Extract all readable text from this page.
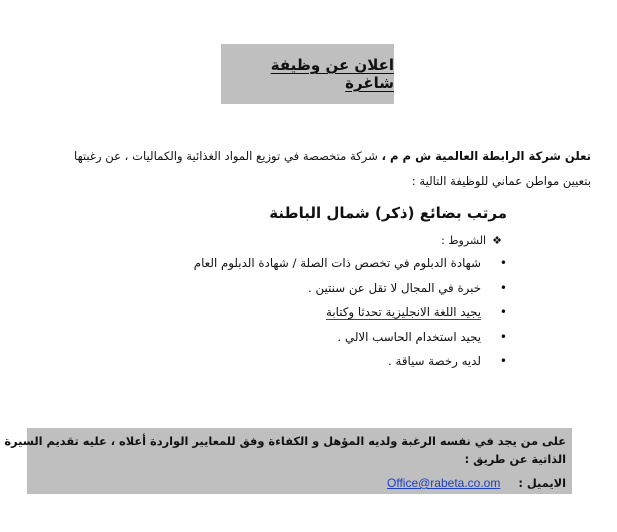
اعلان عن وظيفة شاغرة
تعلن شركة الرابطة العالمية ش م م ، شركة متخصصة في توزيع المواد الغذائية والكماليات ، عن رغبتها
بتعيين مواطن عماني للوظيفة التالية :
مرتب بضائع (ذكر) شمال الباطنة
❖الشروط :
•
شهادة الدبلوم في تخصص ذات الصلة / شهادة الدبلوم العام
•
خبرة في المجال لا تقل عن سنتين .
•
يجيد اللغة الانجليزية تحدثا وكتابة
•
يجيد استخدام الحاسب الالي .
•
لديه رخصة سياقة .
على من يجد في نفسه الرغبة ولديه المؤهل و الكفاءة وفق للمعايير الواردة أعلاه ، عليه تقديم السيرة
الذاتية عن طريق :
الايميل :
Office@rabeta.co.om
